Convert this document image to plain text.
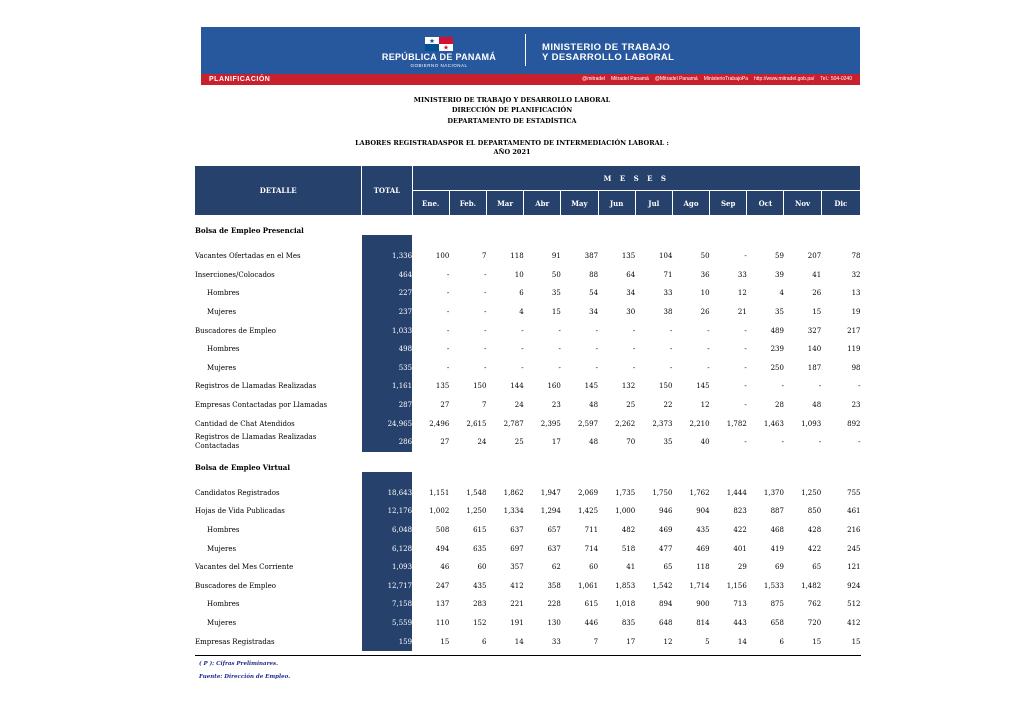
REPÚBLICA DE PANAMÁ
GOBIERNO NACIONAL
MINISTERIO DE TRABAJO
Y DESARROLLO LABORAL
PLANIFICACIÓN	@mitradel Mitradel Panamá @Mitradel Panamá MinisterioTrabajoPa http://www.mitradel.gob.pa/ Tel.: 504-0240
MINISTERIO DE TRABAJO Y DESARROLLO LABORAL
DIRECCIÓN DE PLANIFICACIÓN
DEPARTAMENTO DE ESTADÍSTICA
LABORES REGISTRADASPOR EL DEPARTAMENTO DE INTERMEDIACIÓN LABORAL :
AÑO 2021
DETALLE	TOTAL	M E S E S											
		Ene.	Feb.	Mar	Abr	May	Jun	Jul	Ago	Sep	Oct	Nov	Dic
Bolsa de Empleo Presencial													

Vacantes Ofertadas en el Mes	1,336	100	7	118	91	387	135	104	50	-	59	207	78
Inserciones/Colocados	464	-	-	10	50	88	64	71	36	33	39	41	32
Hombres	227	-	-	6	35	54	34	33	10	12	4	26	13
Mujeres	237	-	-	4	15	34	30	38	26	21	35	15	19
Buscadores de Empleo	1,033	-	-	-	-	-	-	-	-	-	489	327	217
Hombres	498	-	-	-	-	-	-	-	-	-	239	140	119
Mujeres	535	-	-	-	-	-	-	-	-	-	250	187	98
Registros de Llamadas Realizadas	1,161	135	150	144	160	145	132	150	145	-	-	-	-
Empresas Contactadas por Llamadas	287	27	7	24	23	48	25	22	12	-	28	48	23
Cantidad de Chat Atendidos	24,965	2,496	2,615	2,787	2,395	2,597	2,262	2,373	2,210	1,782	1,463	1,093	892
Registros de Llamadas Realizadas Contactadas	286	27	24	25	17	48	70	35	40	-	-	-	-
Bolsa de Empleo Virtual													

Candidatos Registrados	18,643	1,151	1,548	1,862	1,947	2,069	1,735	1,750	1,762	1,444	1,370	1,250	755
Hojas de Vida Publicadas	12,176	1,002	1,250	1,334	1,294	1,425	1,000	946	904	823	887	850	461
Hombres	6,048	508	615	637	657	711	482	469	435	422	468	428	216
Mujeres	6,128	494	635	697	637	714	518	477	469	401	419	422	245
Vacantes del Mes Corriente	1,093	46	60	357	62	60	41	65	118	29	69	65	121
Buscadores de Empleo	12,717	247	435	412	358	1,061	1,853	1,542	1,714	1,156	1,533	1,482	924
Hombres	7,158	137	283	221	228	615	1,018	894	900	713	875	762	512
Mujeres	5,559	110	152	191	130	446	835	648	814	443	658	720	412
Empresas Registradas	159	15	6	14	33	7	17	12	5	14	6	15	15
( P ): Cifras Preliminares.
Fuente: Dirección de Empleo.
